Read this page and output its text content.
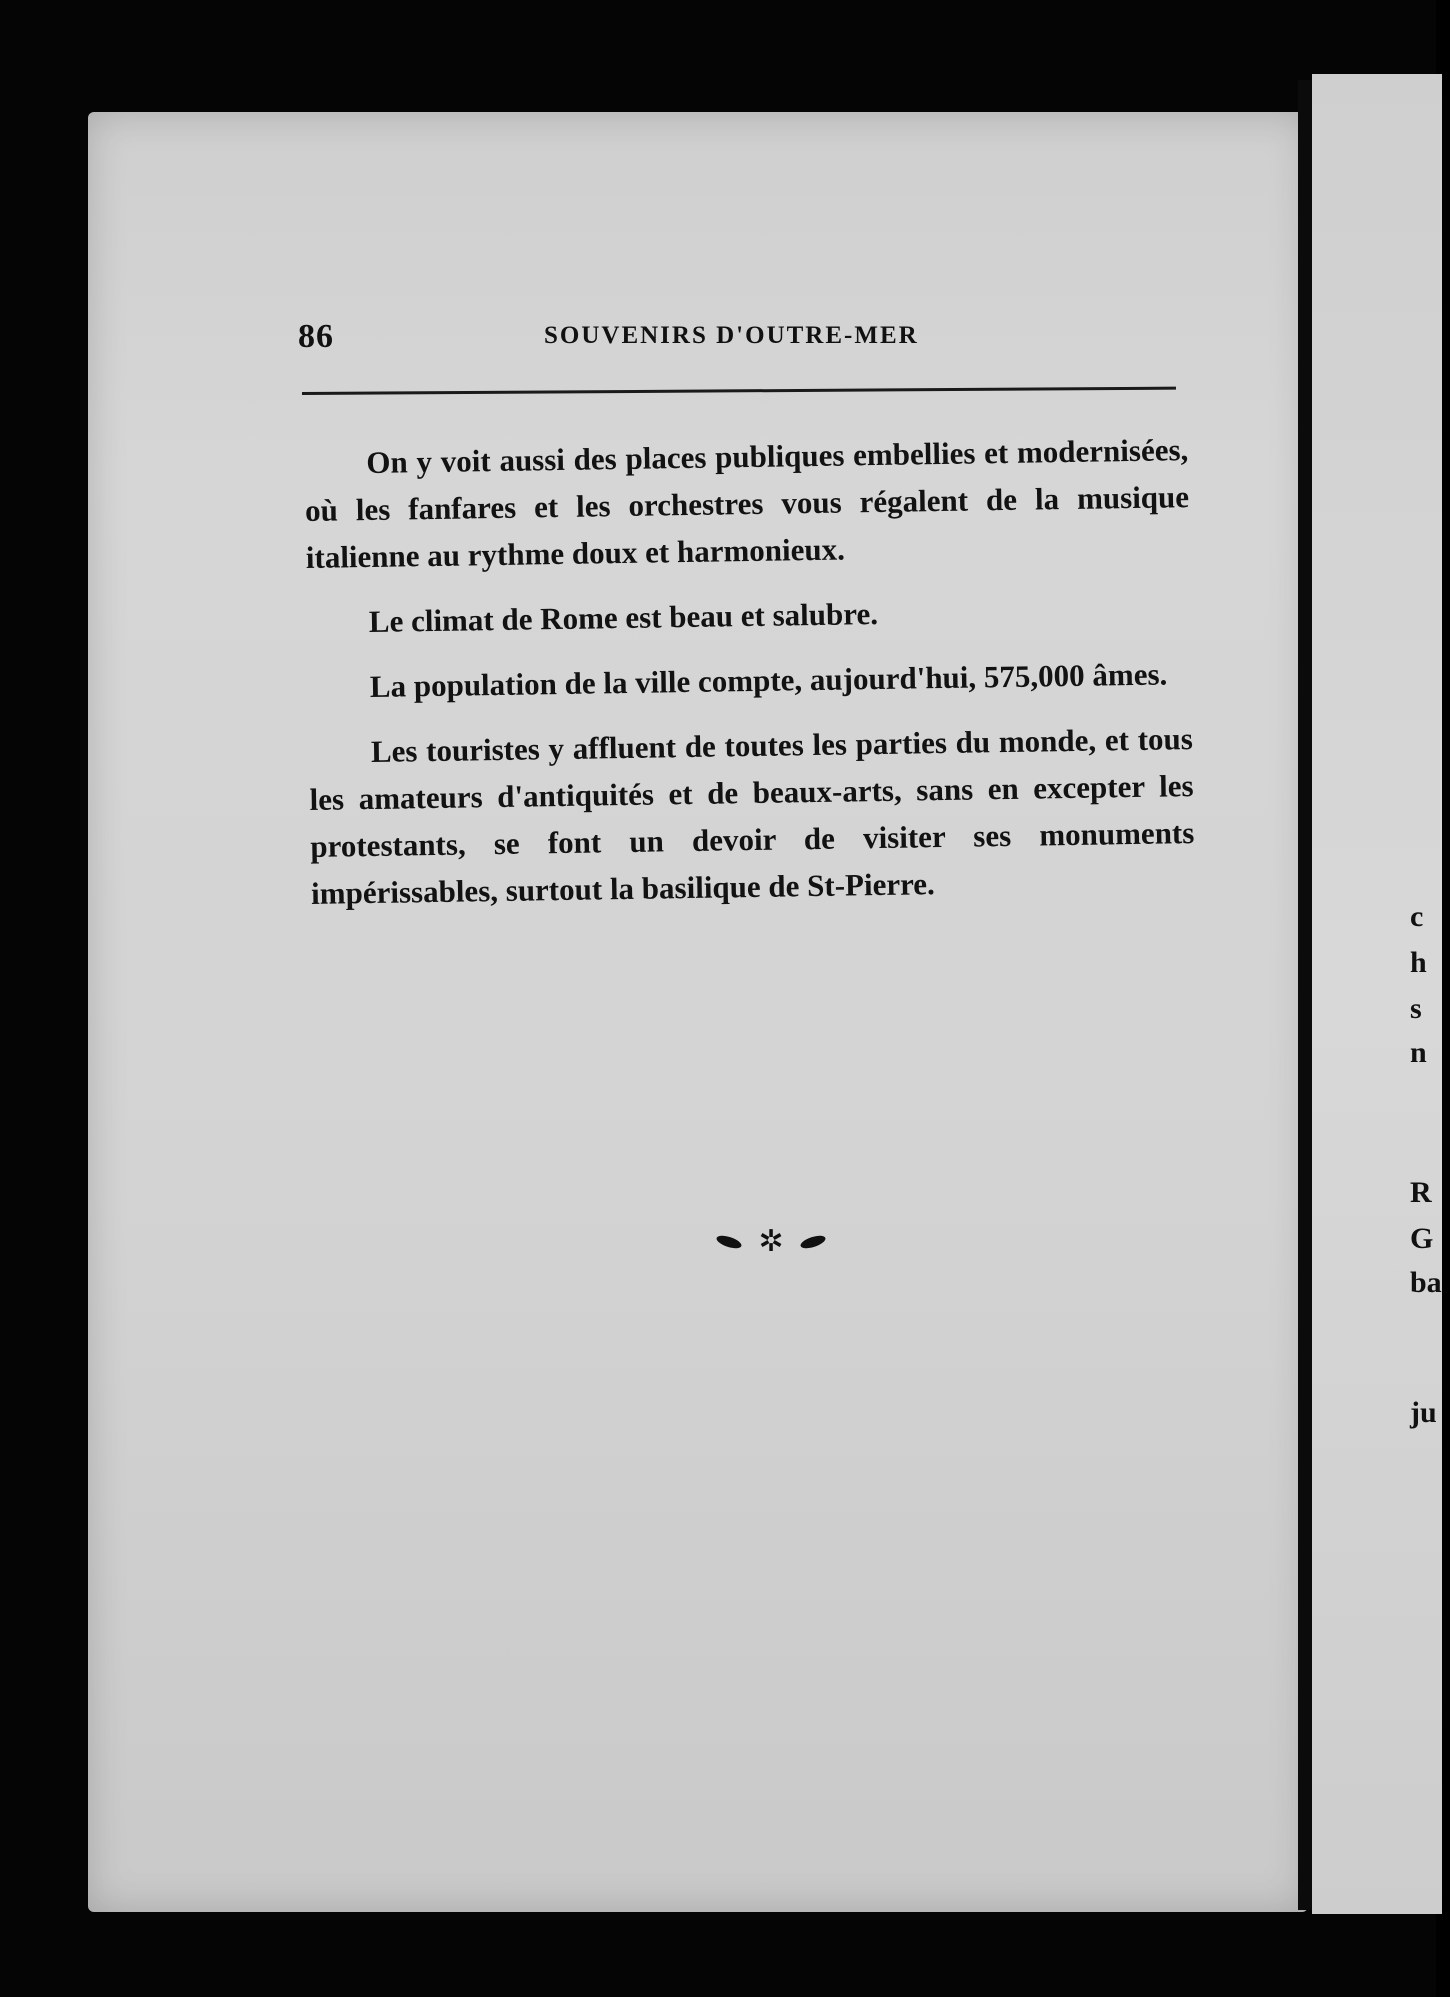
86	SOUVENIRS D'OUTRE-MER

On y voit aussi des places publiques embellies et modernisées, où les fanfares et les orchestres vous régalent de la musique italienne au rythme doux et harmonieux.

Le climat de Rome est beau et salubre.

La population de la ville compte, aujourd'hui, 575,000 âmes.

Les touristes y affluent de toutes les parties du monde, et tous les amateurs d'antiquités et de beaux-arts, sans en excepter les protestants, se font un devoir de visiter ses monuments impérissables, surtout la basilique de St-Pierre.

✲
c
h
s
n
R
G
ba
ju
